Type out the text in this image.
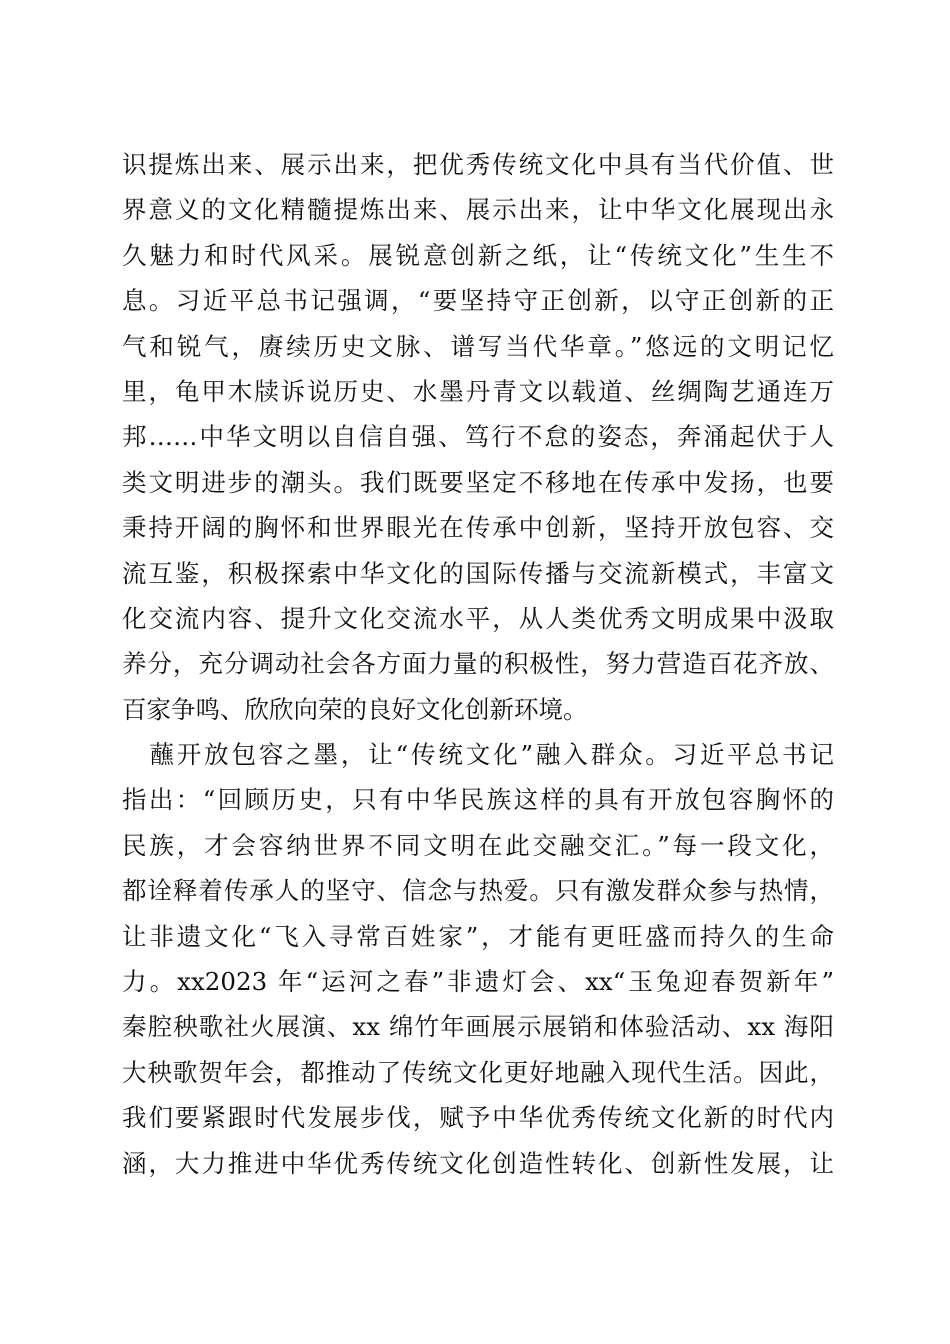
识提炼出来、展示出来，把优秀传统文化中具有当代价值、世
界意义的文化精髓提炼出来、展示出来，让中华文化展现出永
久魅力和时代风采。展锐意创新之纸，让“传统文化”生生不
息。习近平总书记强调，“要坚持守正创新，以守正创新的正
气和锐气，赓续历史文脉、谱写当代华章。”悠远的文明记忆
里，龟甲木牍诉说历史、水墨丹青文以载道、丝绸陶艺通连万
邦……中华文明以自信自强、笃行不怠的姿态，奔涌起伏于人
类文明进步的潮头。我们既要坚定不移地在传承中发扬，也要
秉持开阔的胸怀和世界眼光在传承中创新，坚持开放包容、交
流互鉴，积极探索中华文化的国际传播与交流新模式，丰富文
化交流内容、提升文化交流水平，从人类优秀文明成果中汲取
养分，充分调动社会各方面力量的积极性，努力营造百花齐放、
百家争鸣、欣欣向荣的良好文化创新环境。
　蘸开放包容之墨，让“传统文化”融入群众。习近平总书记
指出：“回顾历史，只有中华民族这样的具有开放包容胸怀的
民族，才会容纳世界不同文明在此交融交汇。”每一段文化，
都诠释着传承人的坚守、信念与热爱。只有激发群众参与热情，
让非遗文化“飞入寻常百姓家”，才能有更旺盛而持久的生命
力。xx2023 年“运河之春”非遗灯会、xx“玉兔迎春贺新年”
秦腔秧歌社火展演、xx 绵竹年画展示展销和体验活动、xx 海阳
大秧歌贺年会，都推动了传统文化更好地融入现代生活。因此，
我们要紧跟时代发展步伐，赋予中华优秀传统文化新的时代内
涵，大力推进中华优秀传统文化创造性转化、创新性发展，让
